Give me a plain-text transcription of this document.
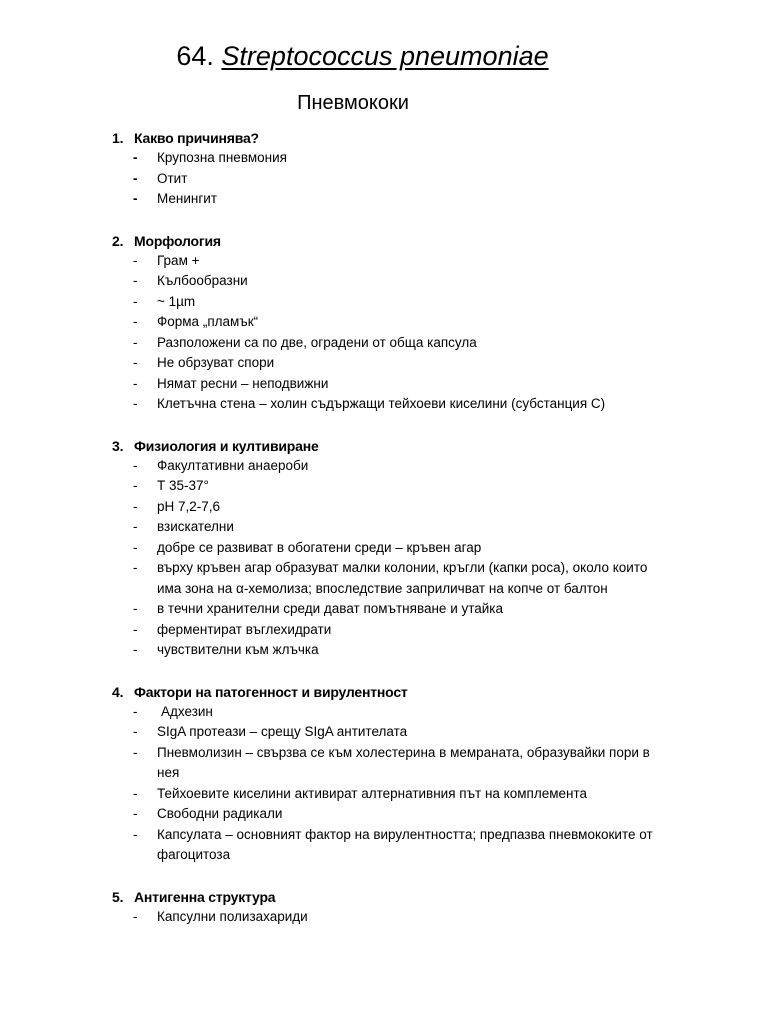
64. Streptococcus pneumoniae
Пневмококи
1. Какво причинява?
- Крупозна пневмония
- Отит
- Менингит
2. Морфология
- Грам +
- Кълбообразни
- ~ 1µm
- Форма „пламък“
- Разположени са по две, оградени от обща капсула
- Не обрзуват спори
- Нямат ресни – неподвижни
- Клетъчна стена – холин съдържащи тейхоеви киселини (субстанция С)
3. Физиология и култивиране
- Факултативни анаероби
- Т 35-37°
- pH 7,2-7,6
- взискателни
- добре се развиват в обогатени среди – кръвен агар
- върху кръвен агар образуват малки колонии, кръгли (капки роса), около които има зона на α-хемолиза; впоследствие заприличват на копче от балтон
- в течни хранителни среди дават помътняване и утайка
- ферментират въглехидрати
- чувствителни към жлъчка
4. Фактори на патогенност и вирулентност
- Адхезин
- SIgA протеази – срещу SIgA антителата
- Пневмолизин – свързва се към холестерина в мемраната, образувайки пори в нея
- Тейхоевите киселини активират алтернативния път на комплемента
- Свободни радикали
- Капсулата – основният фактор на вирулентността; предпазва пневмококите от фагоцитоза
5. Антигенна структура
- Капсулни полизахариди
